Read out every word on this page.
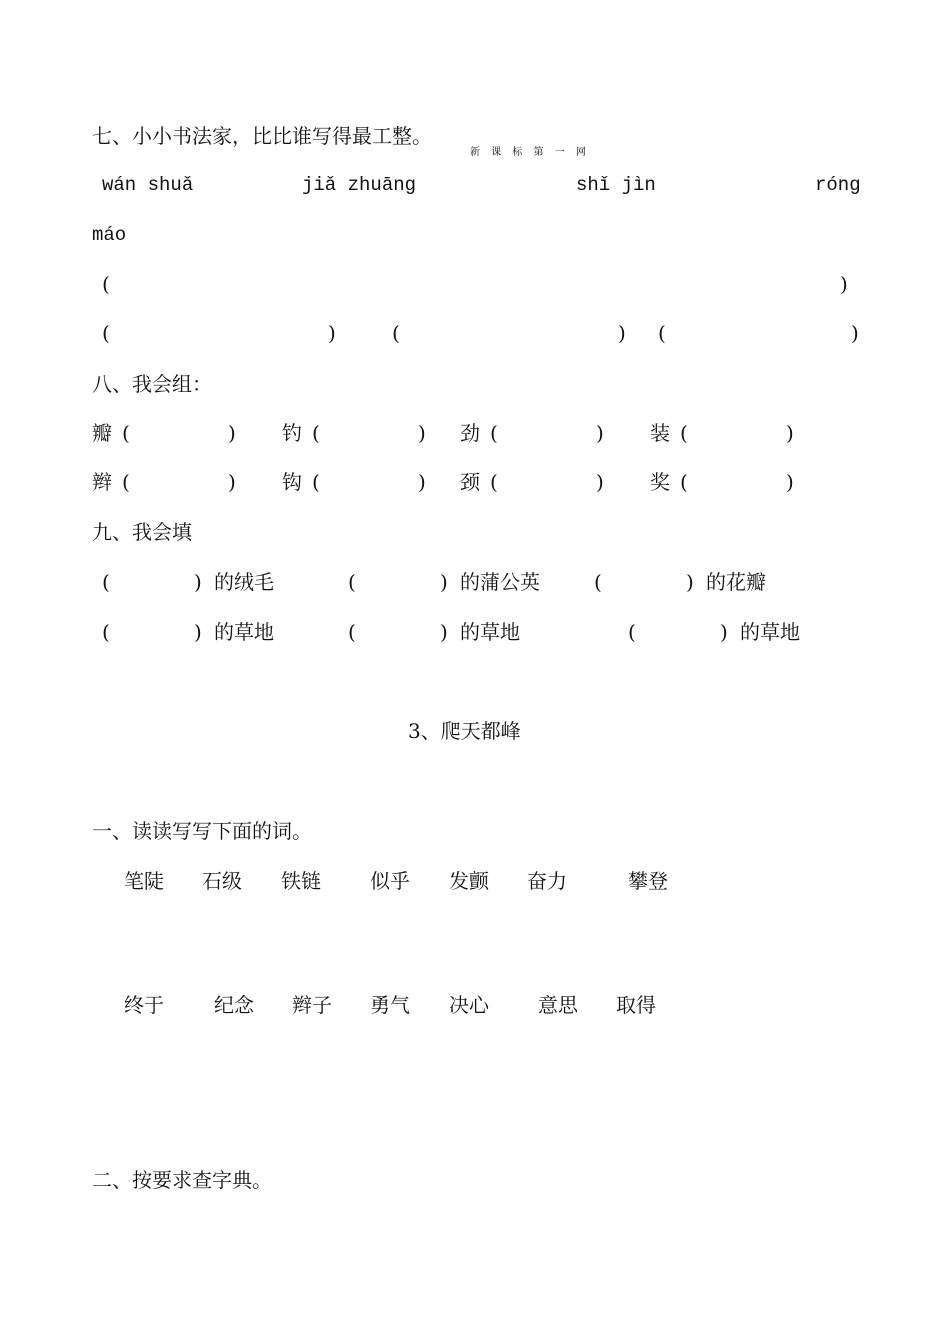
七、小小书法家，比比谁写得最工整。
新 课 标 第 一 网
wán shuǎ	jiǎ zhuāng	shǐ jìn	róng
máo
(	)
(	)	(	) (	)
八、我会组：
瓣 (	) 钓 (	) 劲 (	) 装 (	)
辫 (	) 钩 (	) 颈 (	) 奖 (	)
九、我会填
(	) 的绒毛	(	) 的蒲公英	(	) 的花瓣
(	) 的草地	(	) 的草地	(	) 的草地
3、爬天都峰
一、读读写写下面的词。
笔陡 石级 铁链 似乎 发颤 奋力	攀登
终于	纪念 辫子 勇气 决心 意思 取得
二、按要求查字典。
